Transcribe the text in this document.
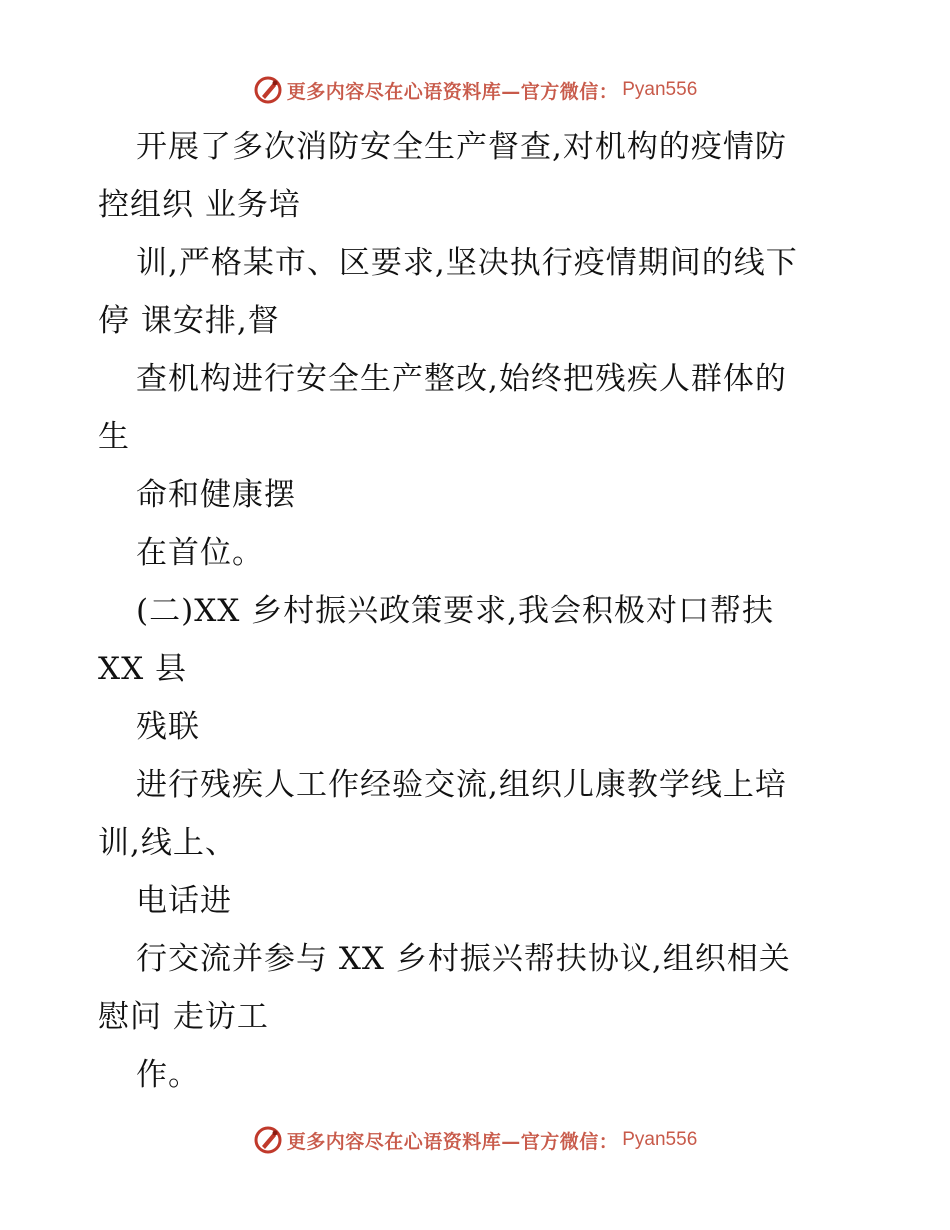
更多内容尽在心语资料库—官方微信： Pyan556
开展了多次消防安全生产督查,对机构的疫情防
控组织 业务培
训,严格某市、区要求,坚决执行疫情期间的线下
停 课安排,督
查机构进行安全生产整改,始终把残疾人群体的
生
命和健康摆
在首位。
(二)XX 乡村振兴政策要求,我会积极对口帮扶
XX 县
残联
进行残疾人工作经验交流,组织儿康教学线上培
训,线上、
电话进
行交流并参与 XX 乡村振兴帮扶协议,组织相关
慰问 走访工
作。
更多内容尽在心语资料库—官方微信： Pyan556
